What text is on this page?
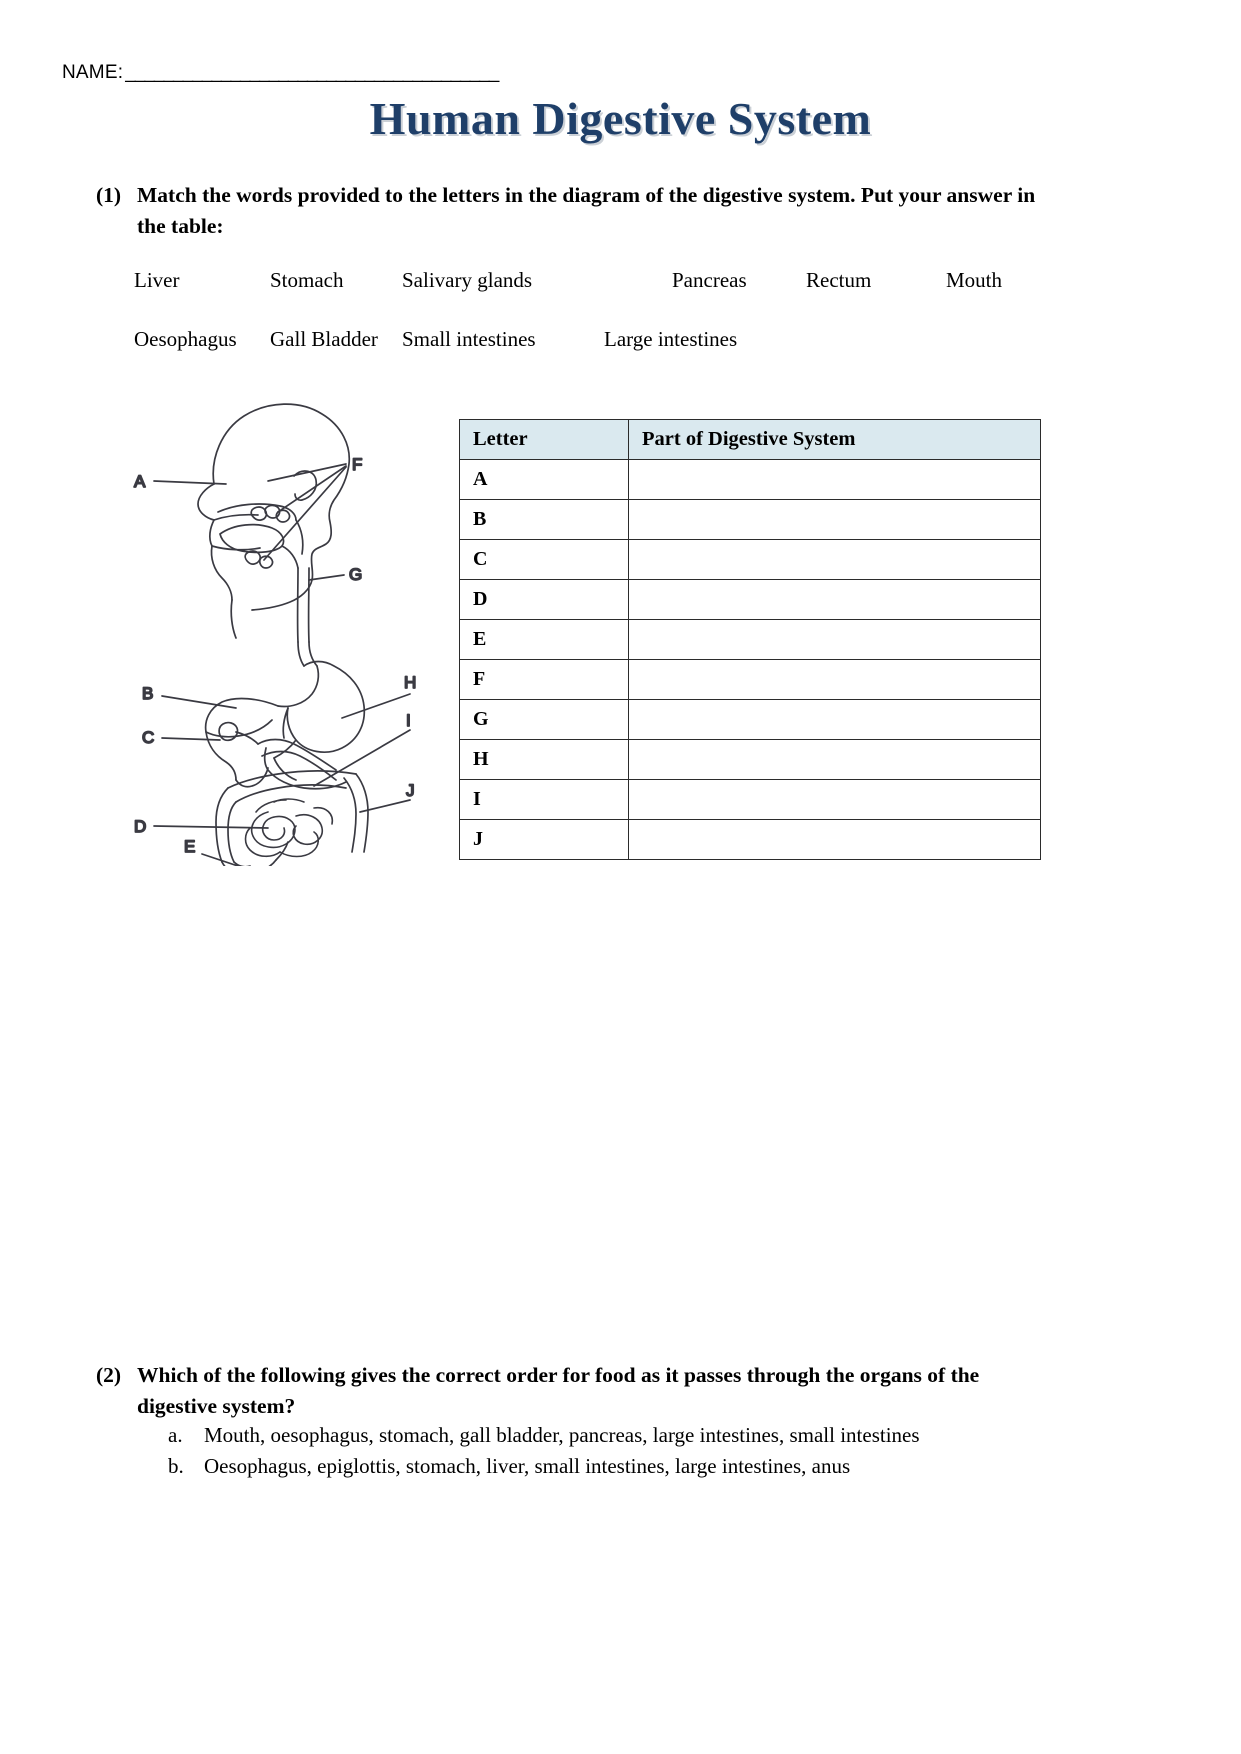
NAME: _______________________________________
Human Digestive System
(1) Match the words provided to the letters in the diagram of the digestive system. Put your answer in the table:
Liver	Stomach	Salivary glands	Pancreas	Rectum	Mouth
Oesophagus Gall Bladder Small intestines	Large intestines
A
F
G
H
B
C
I
J
D
E
Letter	Part of Digestive System
A	
B	
C	
D	
E	
F	
G	
H	
I	
J	
(2) Which of the following gives the correct order for food as it passes through the organs of the digestive system?
a.	Mouth, oesophagus, stomach, gall bladder, pancreas, large intestines, small intestines
b. Oesophagus, epiglottis, stomach, liver, small intestines, large intestines, anus
